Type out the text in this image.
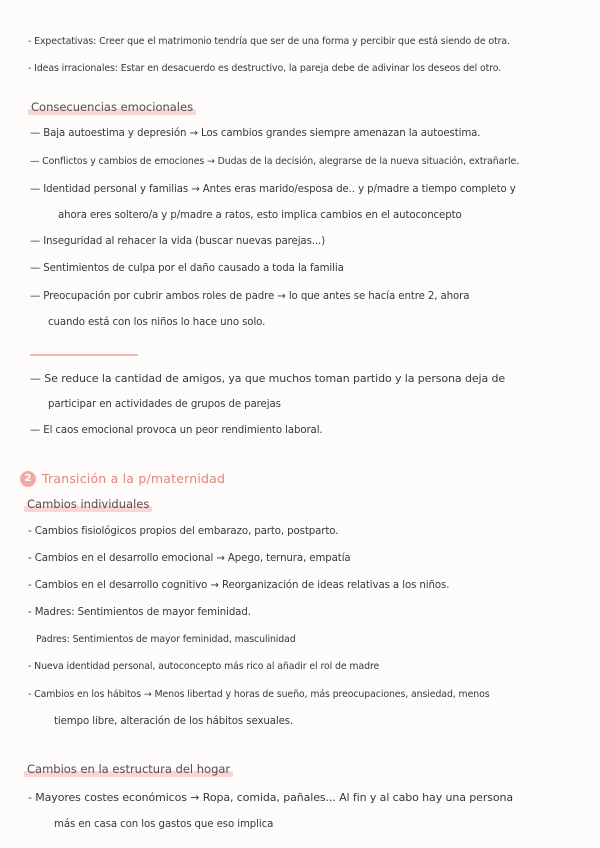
- Expectativas: Creer que el matrimonio tendría que ser de una forma y percibir que está siendo de otra.
- Ideas irracionales: Estar en desacuerdo es destructivo, la pareja debe de adivinar los deseos del otro.
Consecuencias emocionales
— Baja autoestima y depresión → Los cambios grandes siempre amenazan la autoestima.
— Conflictos y cambios de emociones → Dudas de la decisión, alegrarse de la nueva situación, extrañarle.
— Identidad personal y familias → Antes eras marido/esposa de.. y p/madre a tiempo completo y
ahora eres soltero/a y p/madre a ratos, esto implica cambios en el autoconcepto
— Inseguridad al rehacer la vida (buscar nuevas parejas...)
— Sentimientos de culpa por el daño causado a toda la familia
— Preocupación por cubrir ambos roles de padre → lo que antes se hacía entre 2, ahora
cuando está con los niños lo hace uno solo.
— Se reduce la cantidad de amigos, ya que muchos toman partido y la persona deja de
participar en actividades de grupos de parejas
— El caos emocional provoca un peor rendimiento laboral.
2 Transición a la p/maternidad
Cambios individuales
- Cambios fisiológicos propios del embarazo, parto, postparto.
- Cambios en el desarrollo emocional → Apego, ternura, empatía
- Cambios en el desarrollo cognitivo → Reorganización de ideas relativas a los niños.
- Madres: Sentimientos de mayor feminidad.
Padres: Sentimientos de mayor feminidad, masculinidad
- Nueva identidad personal, autoconcepto más rico al añadir el rol de madre
- Cambios en los hábitos → Menos libertad y horas de sueño, más preocupaciones, ansiedad, menos
tiempo libre, alteración de los hábitos sexuales.
Cambios en la estructura del hogar
- Mayores costes económicos → Ropa, comida, pañales... Al fin y al cabo hay una persona
más en casa con los gastos que eso implica
